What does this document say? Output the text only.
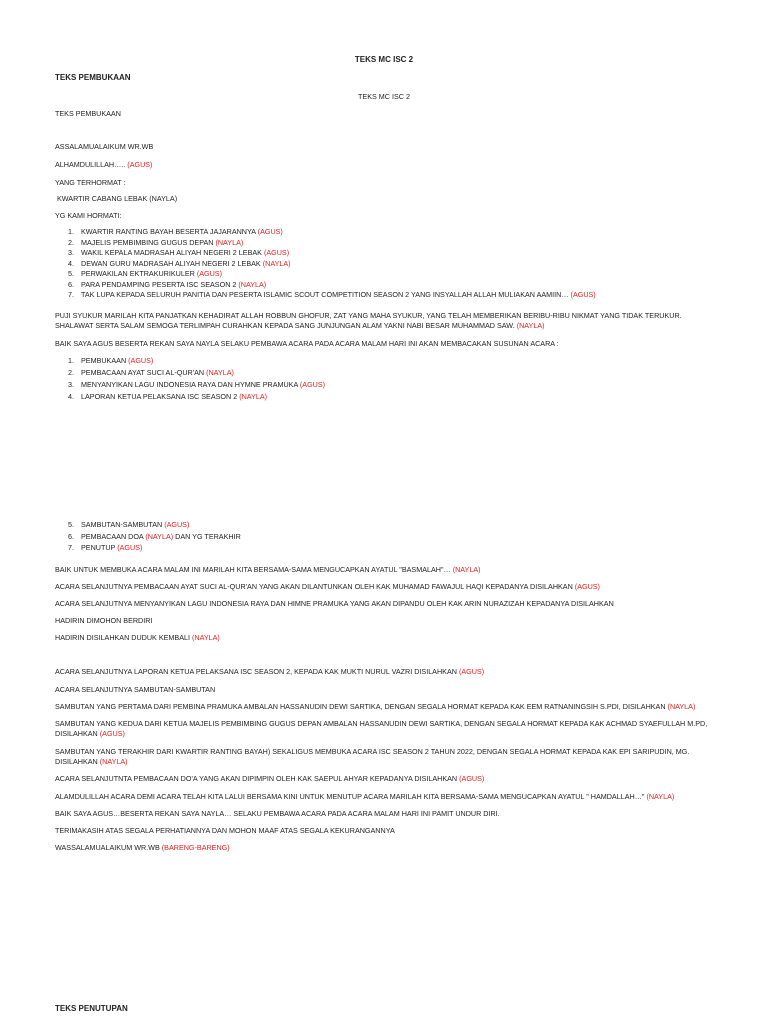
TEKS MC ISC 2
TEKS PEMBUKAAN
TEKS MC ISC 2
TEKS PEMBUKAAN
ASSALAMUALAIKUM WR.WB
ALHAMDULILLAH….. (AGUS)
YANG TERHORMAT :
KWARTIR CABANG LEBAK (NAYLA)
YG KAMI HORMATI:
1. KWARTIR RANTING BAYAH BESERTA JAJARANNYA (AGUS)
2. MAJELIS PEMBIMBING GUGUS DEPAN (NAYLA)
3. WAKIL KEPALA MADRASAH ALIYAH NEGERI 2 LEBAK (AGUS)
4. DEWAN GURU MADRASAH ALIYAH NEGERI 2 LEBAK (NAYLA)
5. PERWAKILAN EKTRAKURIKULER (AGUS)
6. PARA PENDAMPING PESERTA ISC SEASON 2 (NAYLA)
7. TAK LUPA KEPADA SELURUH PANITIA DAN PESERTA ISLAMIC SCOUT COMPETITION SEASON 2 YANG INSYALLAH ALLAH MULIAKAN AAMIIN… (AGUS)
PUJI SYUKUR MARILAH KITA PANJATKAN KEHADIRAT ALLAH ROBBUN GHOFUR, ZAT YANG MAHA SYUKUR, YANG TELAH MEMBERIKAN BERIBU-RIBU NIKMAT YANG TIDAK TERUKUR. SHALAWAT SERTA SALAM SEMOGA TERLIMPAH CURAHKAN KEPADA SANG JUNJUNGAN ALAM YAKNI NABI BESAR MUHAMMAD SAW. (NAYLA)
BAIK SAYA AGUS BESERTA REKAN SAYA NAYLA SELAKU PEMBAWA ACARA PADA ACARA MALAM HARI INI AKAN MEMBACAKAN SUSUNAN ACARA :
1. PEMBUKAAN (AGUS)
2. PEMBACAAN AYAT SUCI AL-QUR'AN (NAYLA)
3. MENYANYIKAN LAGU INDONESIA RAYA DAN HYMNE PRAMUKA (AGUS)
4. LAPORAN KETUA PELAKSANA ISC SEASON 2 (NAYLA)
5. SAMBUTAN-SAMBUTAN (AGUS)
6. PEMBACAAN DOA (NAYLA) DAN YG TERAKHIR
7. PENUTUP (AGUS)
BAIK UNTUK MEMBUKA ACARA MALAM INI MARILAH KITA BERSAMA-SAMA MENGUCAPKAN AYATUL "BASMALAH"… (NAYLA)
ACARA SELANJUTNYA PEMBACAAN AYAT SUCI AL-QUR'AN YANG AKAN DILANTUNKAN OLEH KAK MUHAMAD FAWAJUL HAQI KEPADANYA DISILAHKAN (AGUS)
ACARA SELANJUTNYA MENYANYIKAN LAGU INDONESIA RAYA DAN HIMNE PRAMUKA YANG AKAN DIPANDU OLEH KAK ARIN NURAZIZAH KEPADANYA DISILAHKAN
HADIRIN DIMOHON BERDIRI
HADIRIN DISILAHKAN DUDUK KEMBALI (NAYLA)
ACARA SELANJUTNYA LAPORAN KETUA PELAKSANA ISC SEASON 2, KEPADA KAK MUKTI NURUL VAZRI DISILAHKAN (AGUS)
ACARA SELANJUTNYA SAMBUTAN-SAMBUTAN
SAMBUTAN YANG PERTAMA DARI PEMBINA PRAMUKA AMBALAN HASSANUDIN DEWI SARTIKA, DENGAN SEGALA HORMAT KEPADA KAK EEM RATNANINGSIH S.PDI, DISILAHKAN (NAYLA)
SAMBUTAN YANG KEDUA DARI KETUA MAJELIS PEMBIMBING GUGUS DEPAN AMBALAN HASSANUDIN DEWI SARTIKA, DENGAN SEGALA HORMAT KEPADA KAK ACHMAD SYAEFULLAH M.PD, DISILAHKAN (AGUS)
SAMBUTAN YANG TERAKHIR DARI KWARTIR RANTING BAYAH) SEKALIGUS MEMBUKA ACARA ISC SEASON 2 TAHUN 2022, DENGAN SEGALA HORMAT KEPADA KAK EPI SARIPUDIN, MG. DISILAHKAN (NAYLA)
ACARA SELANJUTNTA PEMBACAAN DO'A YANG AKAN DIPIMPIN OLEH KAK SAEPUL AHYAR KEPADANYA DISILAHKAN (AGUS)
ALAMDULILLAH ACARA DEMI ACARA TELAH KITA LALUI BERSAMA KINI UNTUK MENUTUP ACARA MARILAH KITA BERSAMA-SAMA MENGUCAPKAN AYATUL " HAMDALLAH…" (NAYLA)
BAIK SAYA AGUS…BESERTA REKAN SAYA NAYLA… SELAKU PEMBAWA ACARA PADA ACARA MALAM HARI INI PAMIT UNDUR DIRI.
TERIMAKASIH ATAS SEGALA PERHATIANNYA DAN MOHON MAAF ATAS SEGALA KEKURANGANNYA
WASSALAMUALAIKUM WR.WB (BARENG-BARENG)
TEKS PENUTUPAN
